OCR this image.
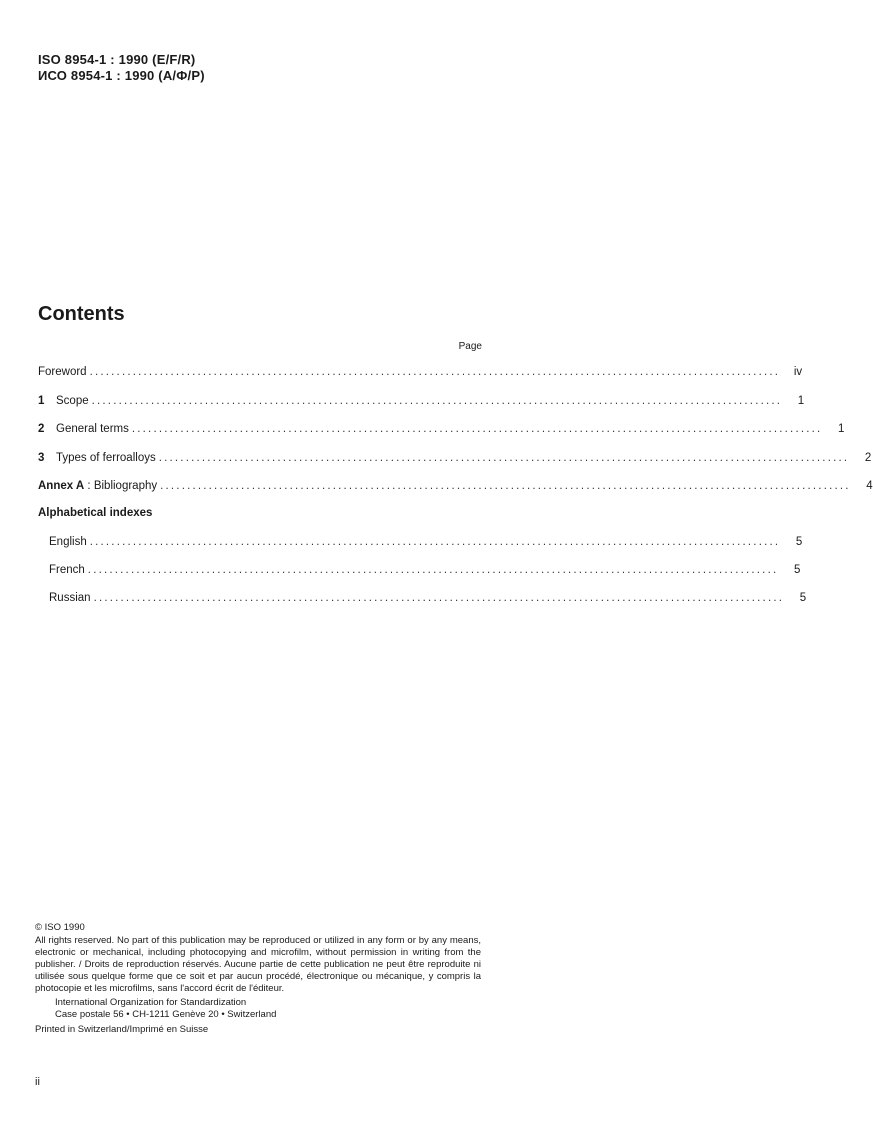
ISO 8954-1 : 1990 (E/F/R)
ИСО 8954-1 : 1990 (А/Ф/Р)
Contents
Page
Foreword ................................................................................................................................	iv
1	Scope ................................................................................................................................	1
2	General terms ................................................................................................................................	1
3	Types of ferroalloys ................................................................................................................................	2
Annex A : Bibliography ................................................................................................................................	4
Alphabetical indexes
English ................................................................................................................................	5
French ................................................................................................................................	5
Russian ................................................................................................................................	5
© ISO 1990
All rights reserved. No part of this publication may be reproduced or utilized in any form or by any means, electronic or mechanical, including photocopying and microfilm, without permission in writing from the publisher. / Droits de reproduction réservés. Aucune partie de cette publication ne peut être reproduite ni utilisée sous quelque forme que ce soit et par aucun procédé, électronique ou mécanique, y compris la photocopie et les microfilms, sans l'accord écrit de l'éditeur.
International Organization for Standardization
Case postale 56 • CH-1211 Genève 20 • Switzerland
Printed in Switzerland/Imprimé en Suisse
ii
